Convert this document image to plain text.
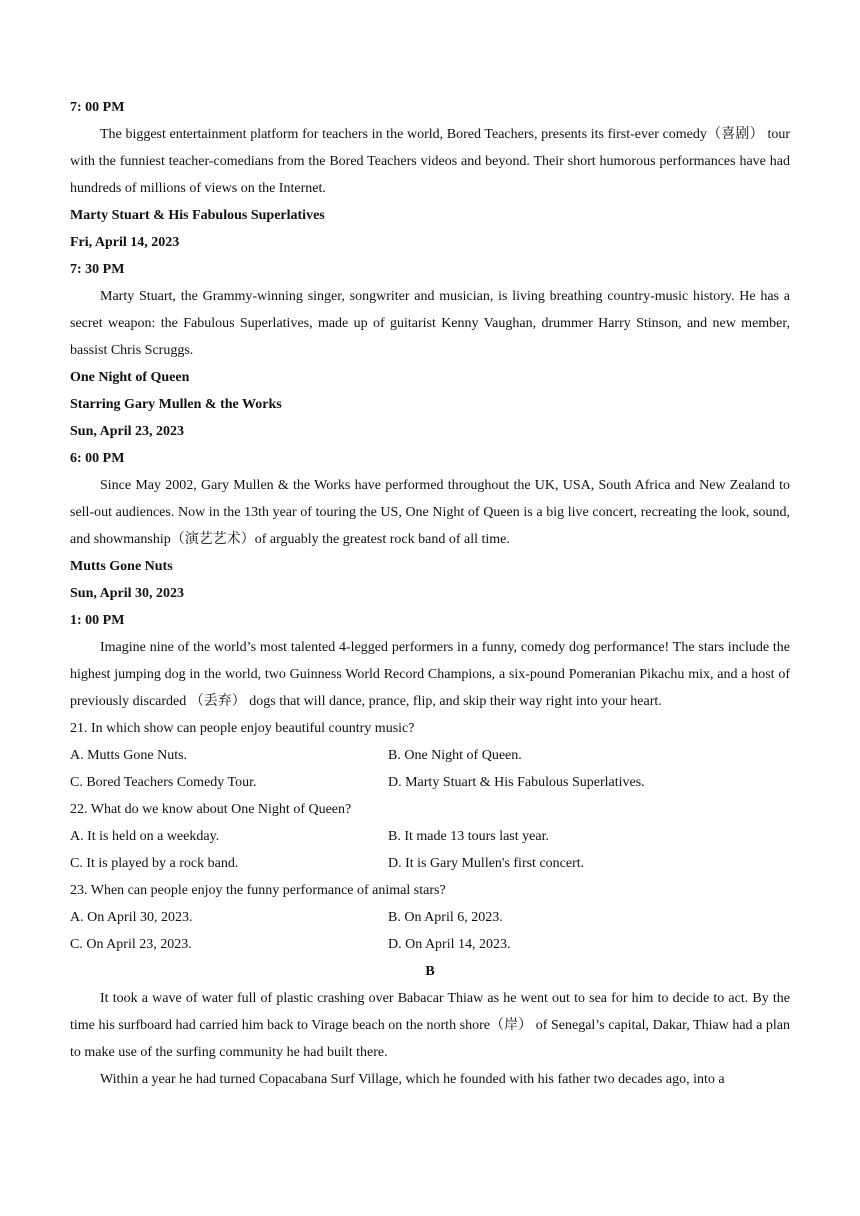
7: 00 PM
The biggest entertainment platform for teachers in the world, Bored Teachers, presents its first-ever comedy（喜剧） tour with the funniest teacher-comedians from the Bored Teachers videos and beyond. Their short humorous performances have had hundreds of millions of views on the Internet.
Marty Stuart & His Fabulous Superlatives
Fri, April 14, 2023
7: 30 PM
Marty Stuart, the Grammy-winning singer, songwriter and musician, is living breathing country-music history. He has a secret weapon: the Fabulous Superlatives, made up of guitarist Kenny Vaughan, drummer Harry Stinson, and new member, bassist Chris Scruggs.
One Night of Queen
Starring Gary Mullen & the Works
Sun, April 23, 2023
6: 00 PM
Since May 2002, Gary Mullen & the Works have performed throughout the UK, USA, South Africa and New Zealand to sell-out audiences. Now in the 13th year of touring the US, One Night of Queen is a big live concert, recreating the look, sound, and showmanship（演艺艺术）of arguably the greatest rock band of all time.
Mutts Gone Nuts
Sun, April 30, 2023
1: 00 PM
Imagine nine of the world’s most talented 4-legged performers in a funny, comedy dog performance! The stars include the highest jumping dog in the world, two Guinness World Record Champions, a six-pound Pomeranian Pikachu mix, and a host of previously discarded （丢弃） dogs that will dance, prance, flip, and skip their way right into your heart.
21. In which show can people enjoy beautiful country music?
A. Mutts Gone Nuts.	B. One Night of Queen.
C. Bored Teachers Comedy Tour.	D. Marty Stuart & His Fabulous Superlatives.
22. What do we know about One Night of Queen?
A. It is held on a weekday.	B. It made 13 tours last year.
C. It is played by a rock band.	D. It is Gary Mullen's first concert.
23. When can people enjoy the funny performance of animal stars?
A. On April 30, 2023.	B. On April 6, 2023.
C. On April 23, 2023.	D. On April 14, 2023.
B
It took a wave of water full of plastic crashing over Babacar Thiaw as he went out to sea for him to decide to act. By the time his surfboard had carried him back to Virage beach on the north shore（岸） of Senegal’s capital, Dakar, Thiaw had a plan to make use of the surfing community he had built there.
Within a year he had turned Copacabana Surf Village, which he founded with his father two decades ago, into a
